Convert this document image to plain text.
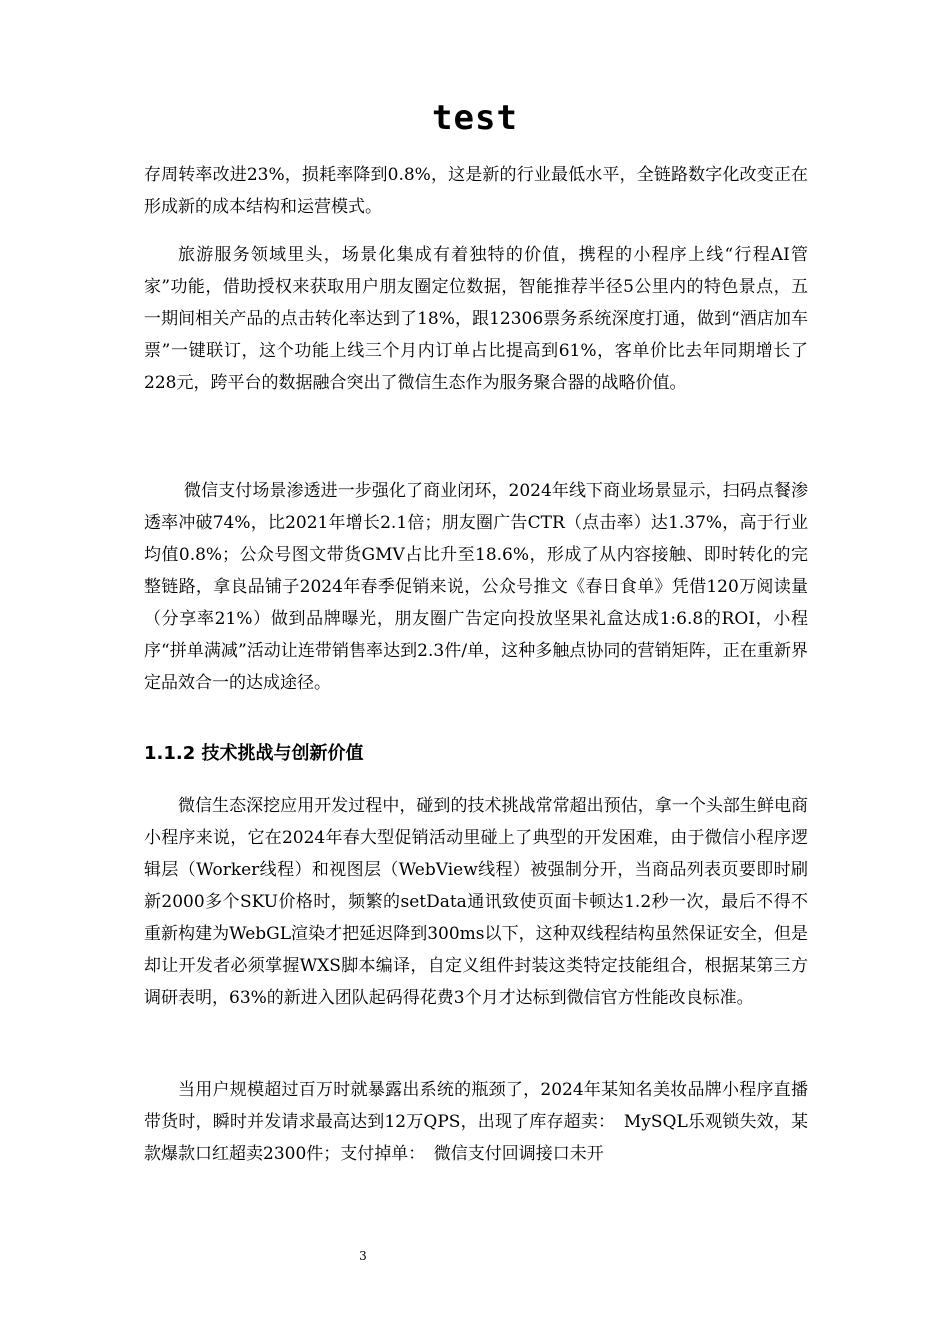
test

存周转率改进23%，损耗率降到0.8%，这是新的行业最低水平，全链路数字化改变正在形成新的成本结构和运营模式。

旅游服务领域里头，场景化集成有着独特的价值，携程的小程序上线“行程AI管家”功能，借助授权来获取用户朋友圈定位数据，智能推荐半径5公里内的特色景点，五一期间相关产品的点击转化率达到了18%，跟12306票务系统深度打通，做到“酒店加车票”一键联订，这个功能上线三个月内订单占比提高到61%，客单价比去年同期增长了228元，跨平台的数据融合突出了微信生态作为服务聚合器的战略价值。

微信支付场景渗透进一步强化了商业闭环，2024年线下商业场景显示，扫码点餐渗透率冲破74%，比2021年增长2.1倍；朋友圈广告CTR（点击率）达1.37%，高于行业均值0.8%；公众号图文带货GMV占比升至18.6%，形成了从内容接触、即时转化的完整链路，拿良品铺子2024年春季促销来说，公众号推文《春日食单》凭借120万阅读量（分享率21%）做到品牌曝光，朋友圈广告定向投放坚果礼盒达成1:6.8的ROI，小程序“拼单满减”活动让连带销售率达到2.3件/单，这种多触点协同的营销矩阵，正在重新界定品效合一的达成途径。

1.1.2 技术挑战与创新价值

微信生态深挖应用开发过程中，碰到的技术挑战常常超出预估，拿一个头部生鲜电商小程序来说，它在2024年春大型促销活动里碰上了典型的开发困难，由于微信小程序逻辑层（Worker线程）和视图层（WebView线程）被强制分开，当商品列表页要即时刷新2000多个SKU价格时，频繁的setData通讯致使页面卡顿达1.2秒一次，最后不得不重新构建为WebGL渲染才把延迟降到300ms以下，这种双线程结构虽然保证安全，但是却让开发者必须掌握WXS脚本编译，自定义组件封装这类特定技能组合，根据某第三方调研表明，63%的新进入团队起码得花费3个月才达标到微信官方性能改良标准。

当用户规模超过百万时就暴露出系统的瓶颈了，2024年某知名美妆品牌小程序直播带货时，瞬时并发请求最高达到12万QPS，出现了库存超卖：　MySQL乐观锁失效，某款爆款口红超卖2300件；支付掉单：　微信支付回调接口未开

3
